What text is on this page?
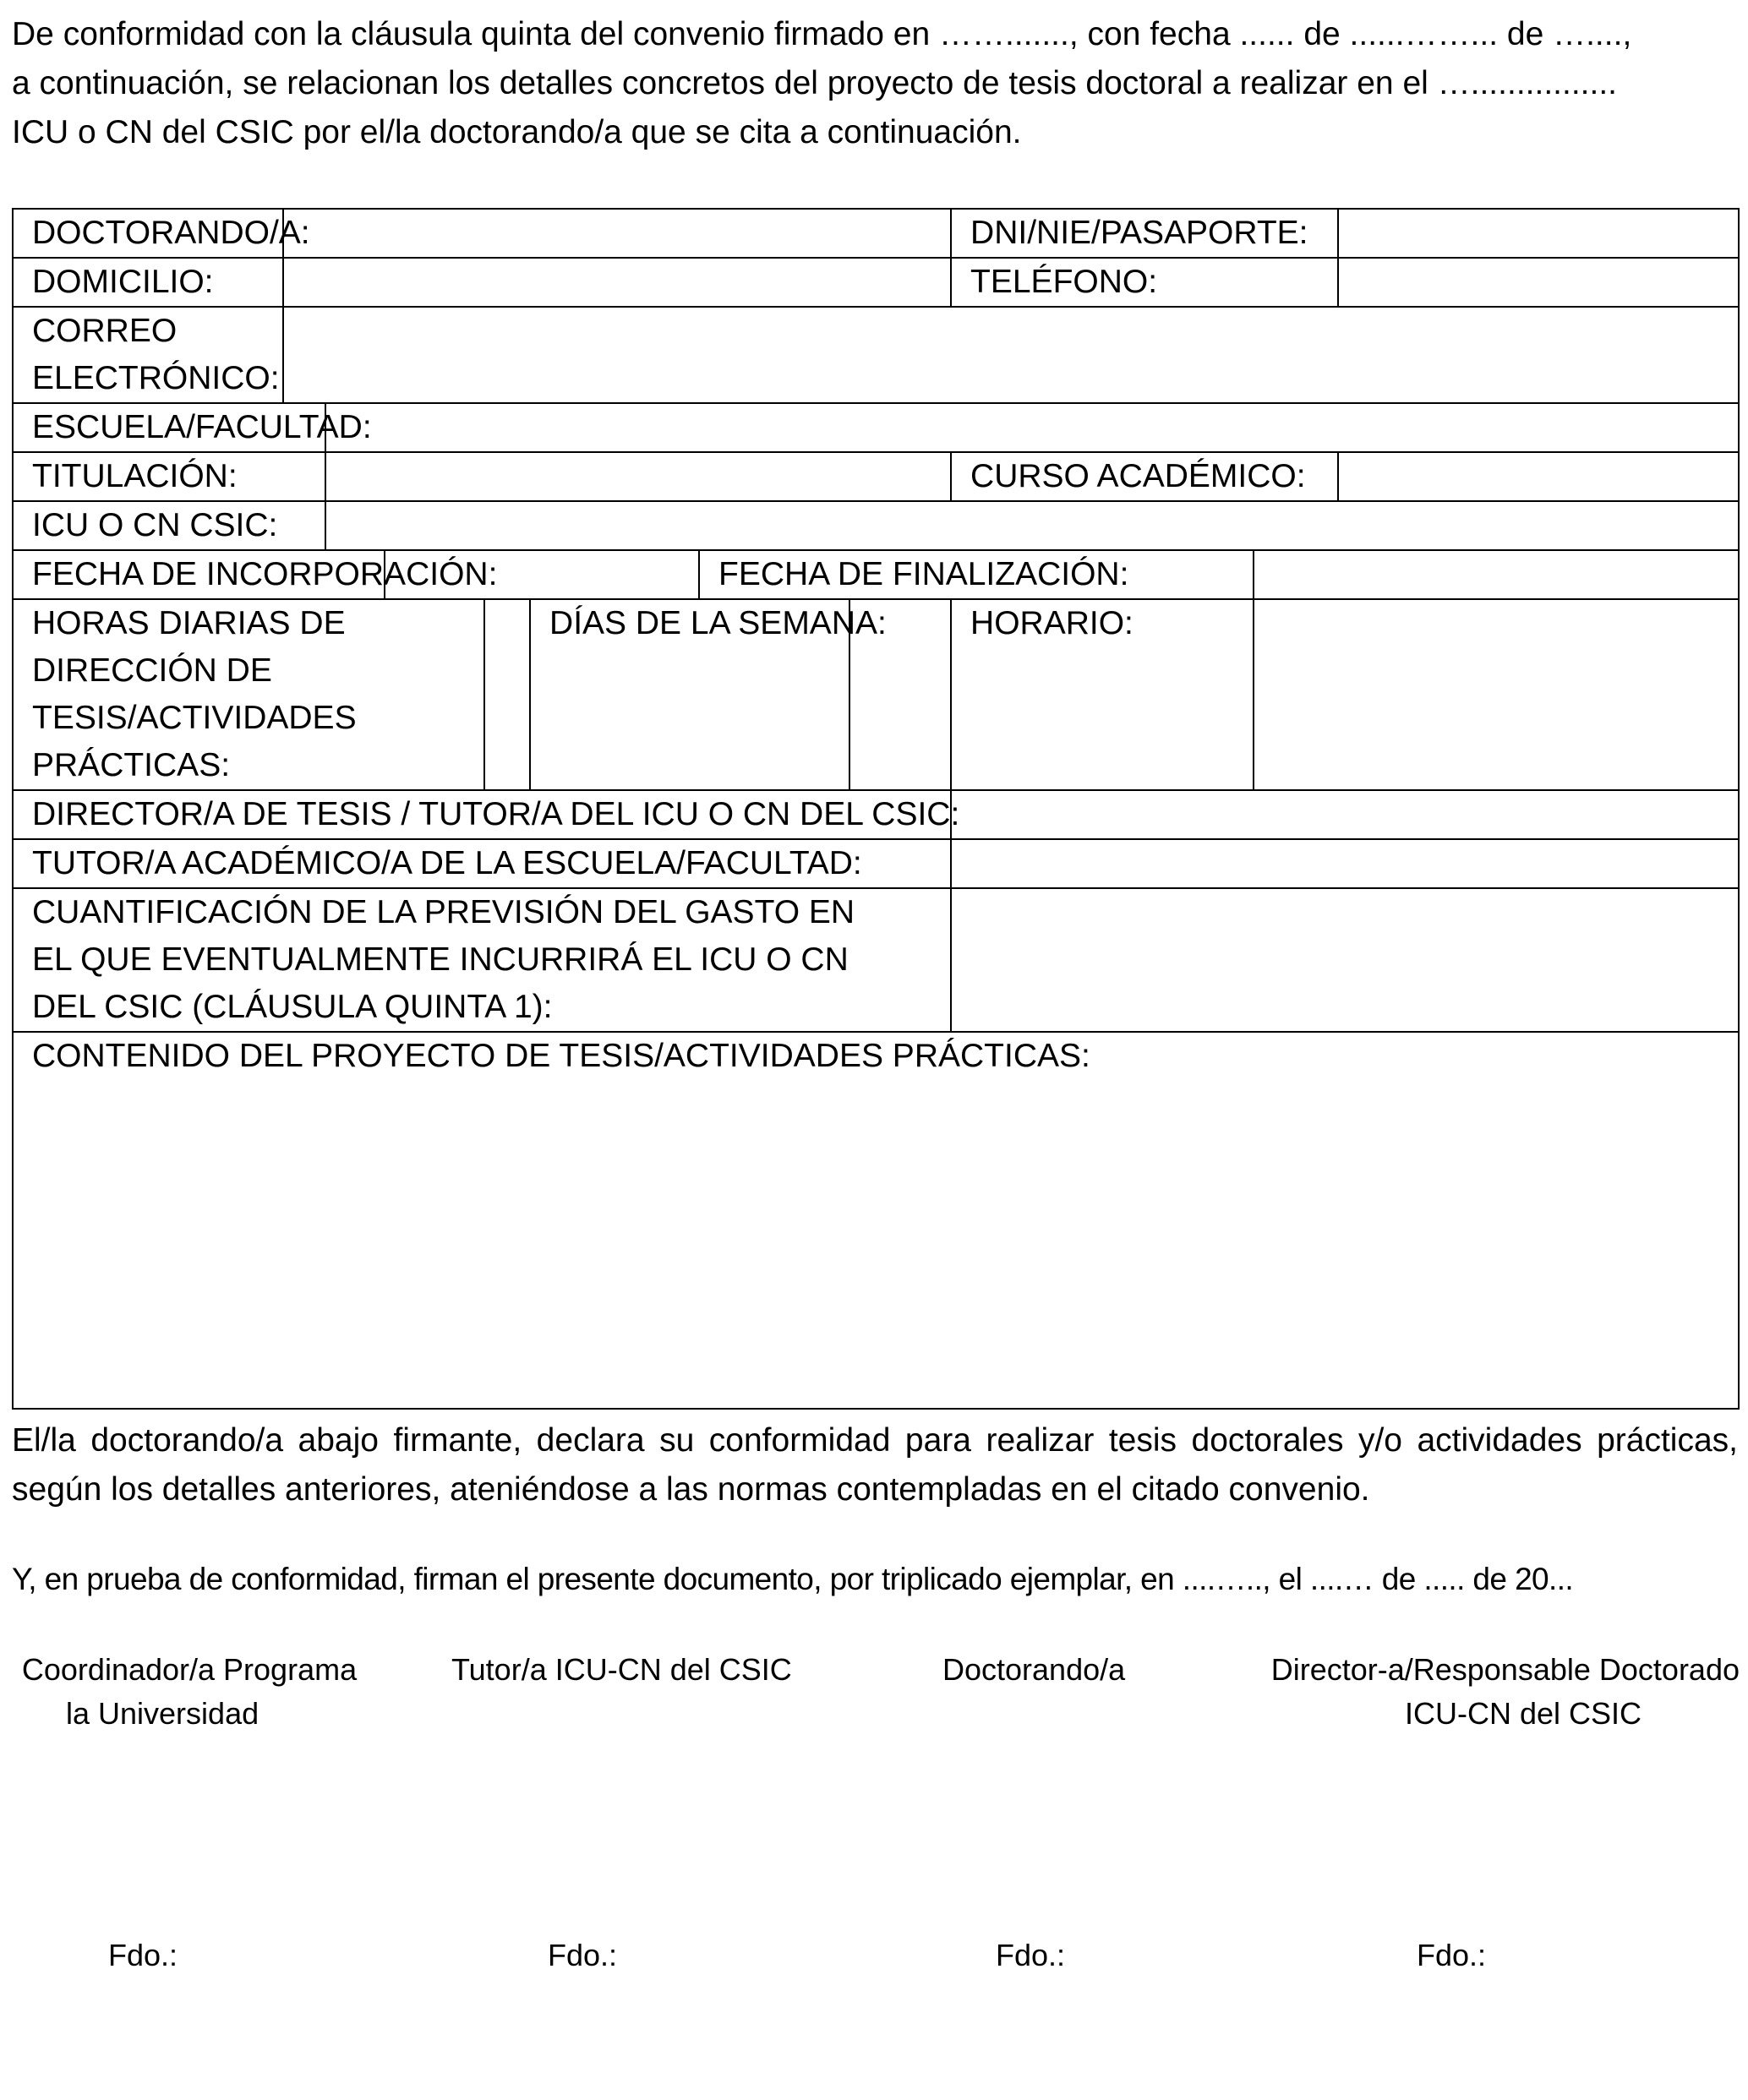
De conformidad con la cláusula quinta del convenio firmado en ……......., con fecha ...... de ......……... de …....,
a continuación, se relacionan los detalles concretos del proyecto de tesis doctoral a realizar en el …................
ICU o CN del CSIC por el/la doctorando/a que se cita a continuación.

DOCTORANDO/A:		DNI/NIE/PASAPORTE:	
DOMICILIO:		TELÉFONO:	
CORREO ELECTRÓNICO:	
ESCUELA/FACULTAD:	
TITULACIÓN:		CURSO ACADÉMICO:	
ICU O CN CSIC:	
FECHA DE INCORPORACIÓN:		FECHA DE FINALIZACIÓN:	
HORAS DIARIAS DE DIRECCIÓN DE TESIS/ACTIVIDADES PRÁCTICAS:		DÍAS DE LA SEMANA:		HORARIO:	
DIRECTOR/A DE TESIS / TUTOR/A DEL ICU O CN DEL CSIC:	
TUTOR/A ACADÉMICO/A DE LA ESCUELA/FACULTAD:	
CUANTIFICACIÓN DE LA PREVISIÓN DEL GASTO EN EL QUE EVENTUALMENTE INCURRIRÁ EL ICU O CN DEL CSIC (CLÁUSULA QUINTA 1):	
CONTENIDO DEL PROYECTO DE TESIS/ACTIVIDADES PRÁCTICAS:

El/la doctorando/a abajo firmante, declara su conformidad para realizar tesis doctorales y/o actividades prácticas, según los detalles anteriores, ateniéndose a las normas contempladas en el citado convenio.

Y, en prueba de conformidad, firman el presente documento, por triplicado ejemplar, en ....….., el ....… de ..... de 20...

Coordinador/a Programa
la Universidad
Tutor/a ICU-CN del CSIC	Doctorando/a	Director-a/Responsable Doctorado
ICU-CN del CSIC
Fdo.:	Fdo.:	Fdo.:	Fdo.:
